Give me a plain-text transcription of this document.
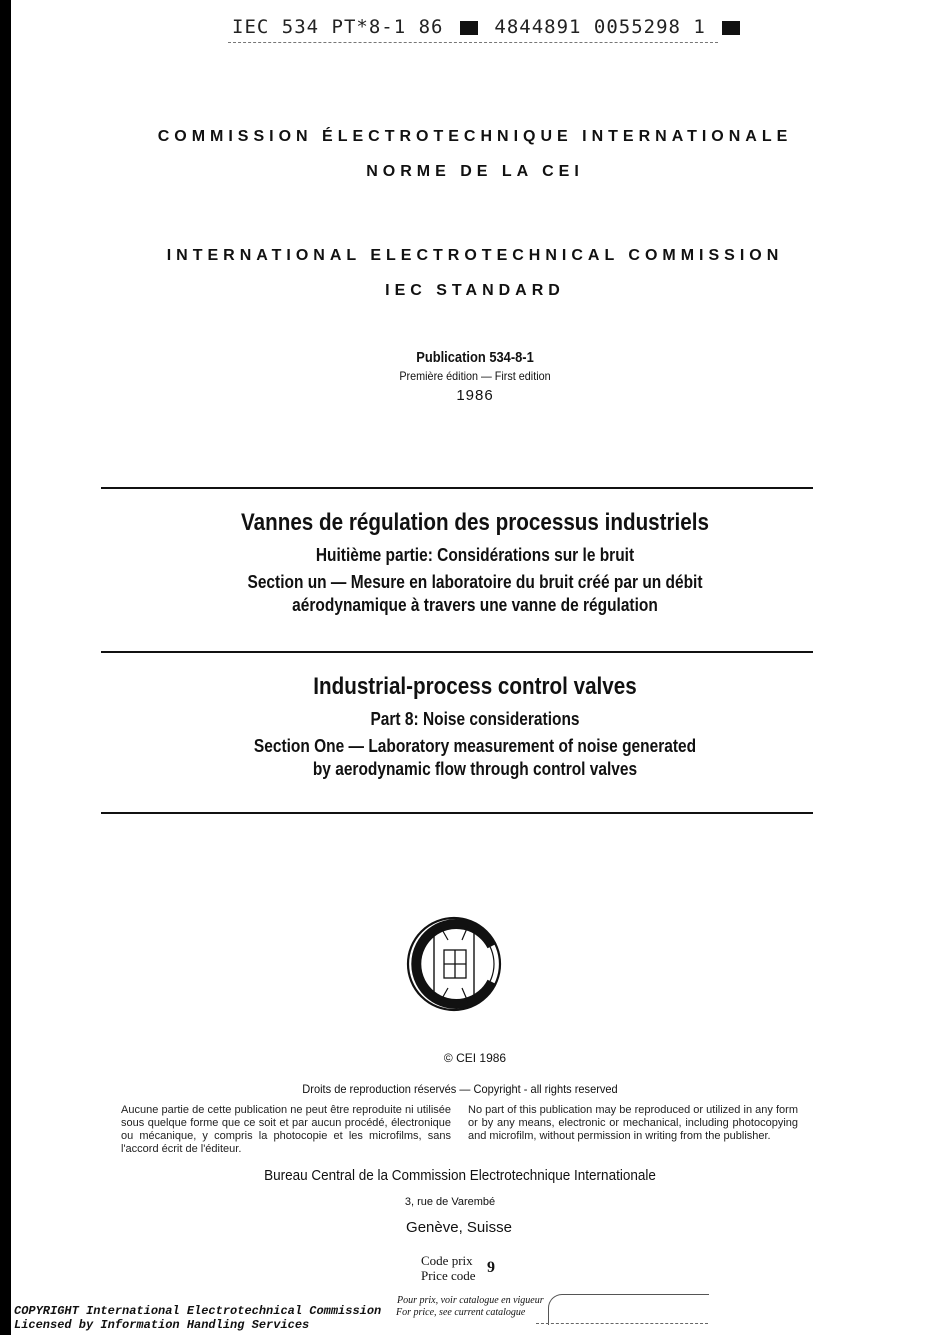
IEC 534 PT*8-1 86	4844891 0055298 1
COMMISSION ÉLECTROTECHNIQUE INTERNATIONALE
NORME DE LA CEI
INTERNATIONAL ELECTROTECHNICAL COMMISSION
IEC STANDARD
Publication 534-8-1
Première édition — First edition
1986
Vannes de régulation des processus industriels
Huitième partie: Considérations sur le bruit
Section un — Mesure en laboratoire du bruit créé par un débit
aérodynamique à travers une vanne de régulation
Industrial-process control valves
Part 8: Noise considerations
Section One — Laboratory measurement of noise generated
by aerodynamic flow through control valves
© CEI 1986
Droits de reproduction réservés — Copyright - all rights reserved
Aucune partie de cette publication ne peut être reproduite ni utilisée sous quelque forme que ce soit et par aucun procédé, électronique ou mécanique, y compris la photocopie et les microfilms, sans l'accord écrit de l'éditeur.
No part of this publication may be reproduced or utilized in any form or by any means, electronic or mechanical, including photocopying and microfilm, without permission in writing from the publisher.
Bureau Central de la Commission Electrotechnique Internationale
3, rue de Varembé
Genève, Suisse
Code prix
Price code 9
Pour prix, voir catalogue en vigueur
For price, see current catalogue
COPYRIGHT International Electrotechnical Commission
Licensed by Information Handling Services
